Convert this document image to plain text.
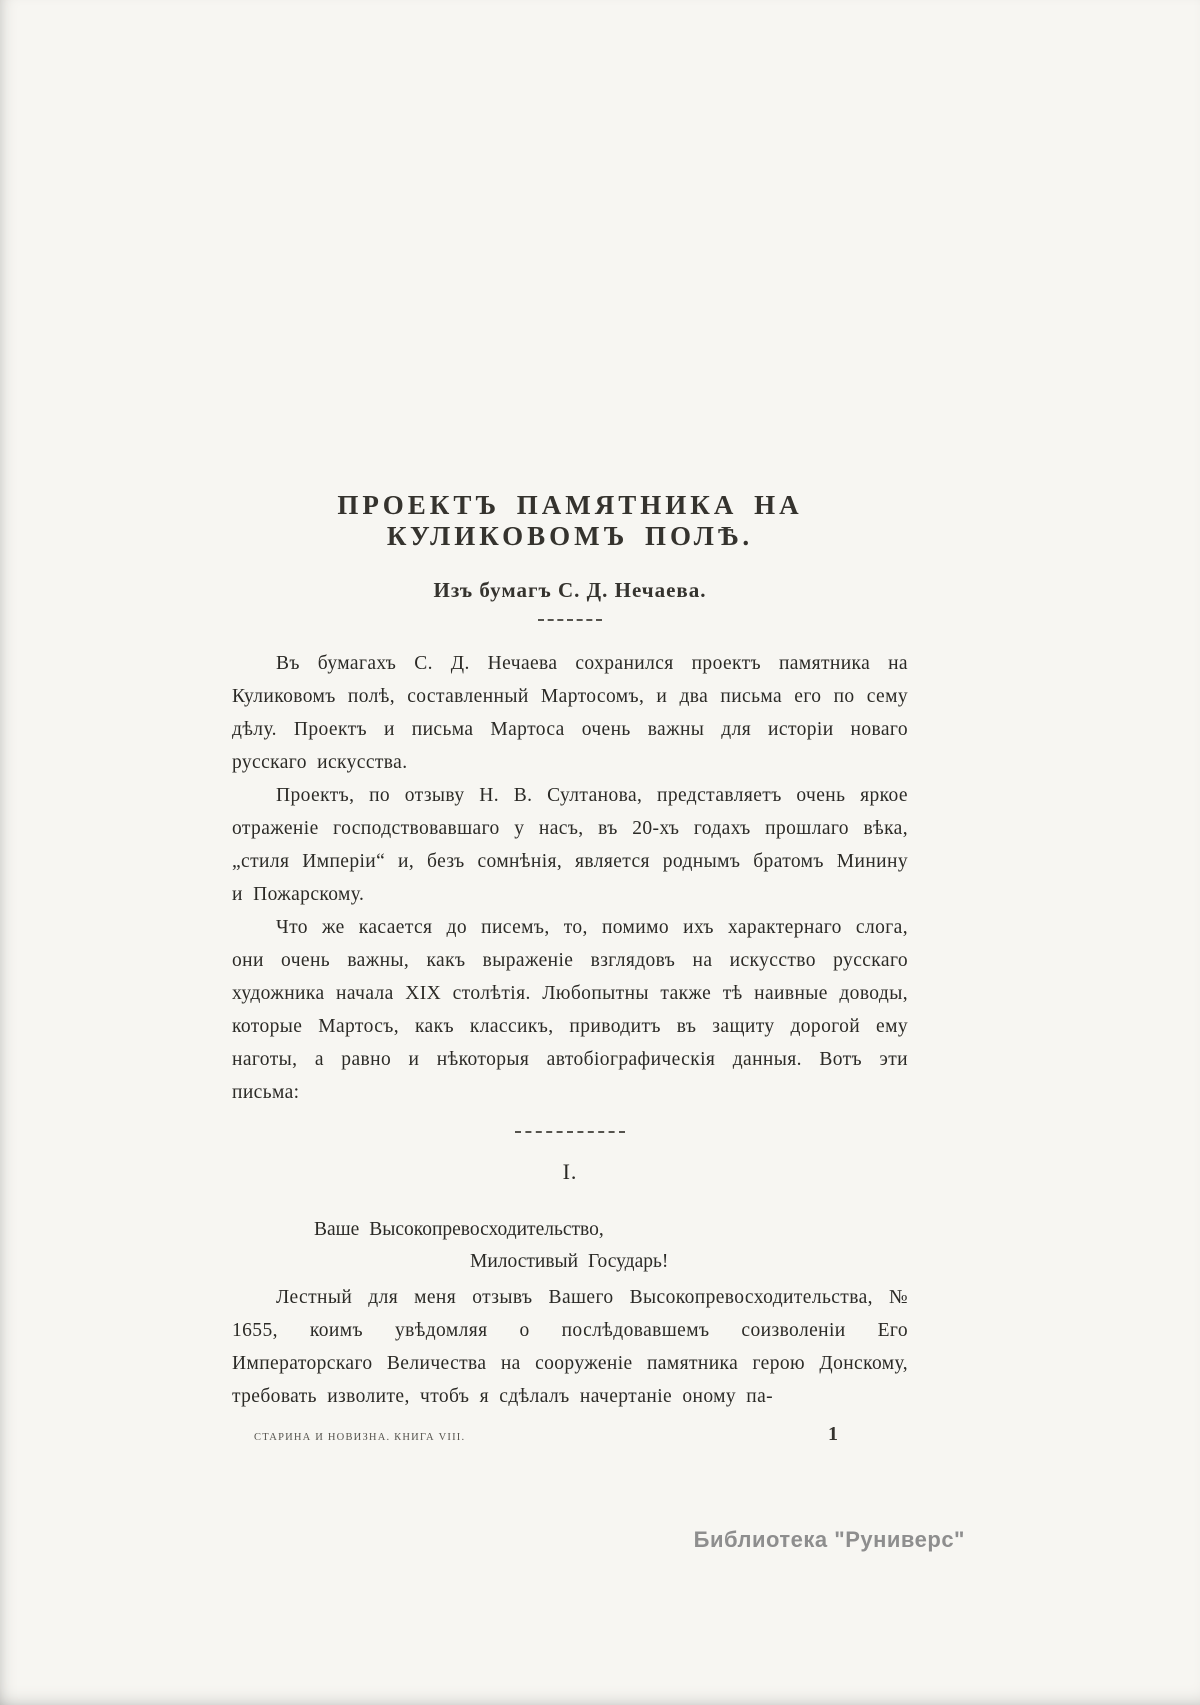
ПРОЕКТЪ ПАМЯТНИКА НА КУЛИКОВОМЪ ПОЛѢ.
Изъ бумагъ С. Д. Нечаева.

Въ бумагахъ С. Д. Нечаева сохранился проектъ памятника на Куликовомъ полѣ, составленный Мартосомъ, и два письма его по сему дѣлу. Проектъ и письма Мартоса очень важны для исторіи новаго русскаго искусства.

Проектъ, по отзыву Н. В. Султанова, представляетъ очень яркое отраженіе господствовавшаго у насъ, въ 20-хъ годахъ прошлаго вѣка, „стиля Имперіи“ и, безъ сомнѣнія, является роднымъ братомъ Минину и Пожарскому.

Что же касается до писемъ, то, помимо ихъ характернаго слога, они очень важны, какъ выраженіе взглядовъ на искусство русскаго художника начала XIX столѣтія. Любопытны также тѣ наивные доводы, которые Мартосъ, какъ классикъ, приводитъ въ защиту дорогой ему наготы, а равно и нѣкоторыя автобіографическія данныя. Вотъ эти письма:

I.
Ваше Высокопревосходительство,
Милостивый Государь!

Лестный для меня отзывъ Вашего Высокопревосходительства, № 1655, коимъ увѣдомляя о послѣдовавшемъ соизволеніи Его Императорскаго Величества на сооруженіе памятника герою Донскому, требовать изволите, чтобъ я сдѣлалъ начертаніе оному па-

СТАРИНА И НОВИЗНА. КНИГА VIII.	1
Библиотека "Руниверс"
